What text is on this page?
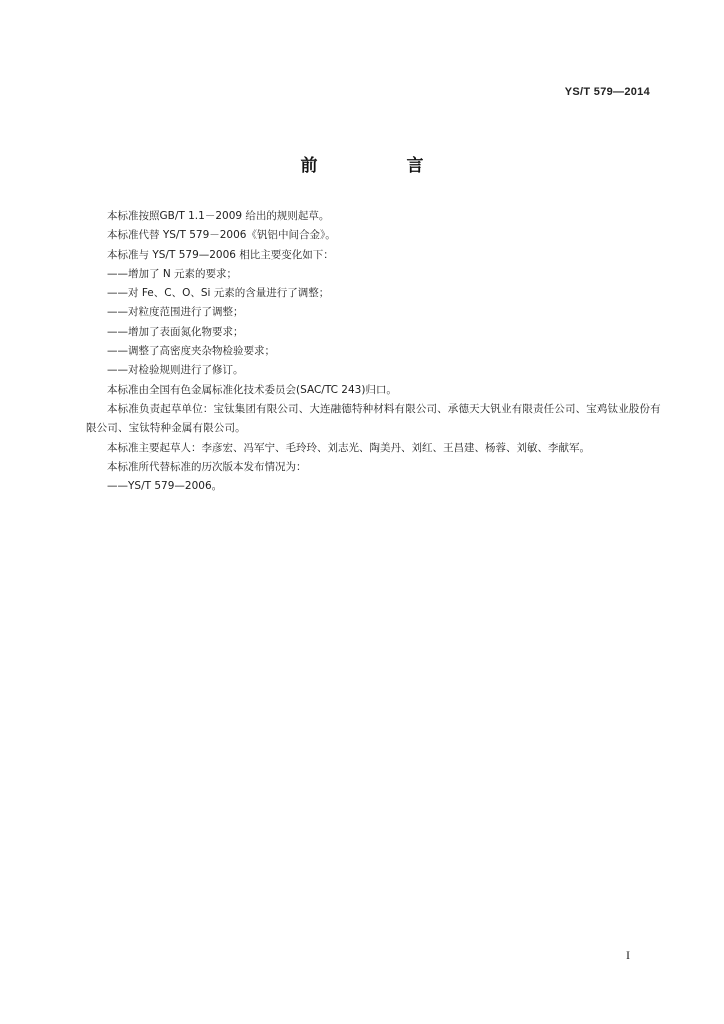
YS/T 579—2014
前　言

本标准按照GB/T 1.1－2009 给出的规则起草。

本标准代替 YS/T 579－2006《钒铝中间合金》。

本标准与 YS/T 579—2006 相比主要变化如下：

——增加了 N 元素的要求；

——对 Fe、C、O、Si 元素的含量进行了调整；

——对粒度范围进行了调整；

——增加了表面氮化物要求；

——调整了高密度夹杂物检验要求；

——对检验规则进行了修订。

本标准由全国有色金属标准化技术委员会(SAC/TC 243)归口。

本标准负责起草单位：宝钛集团有限公司、大连融德特种材料有限公司、承德天大钒业有限责任公司、宝鸡钛业股份有限公司、宝钛特种金属有限公司。

本标准主要起草人：李彦宏、冯军宁、毛玲玲、刘志光、陶美丹、刘红、王昌建、杨蓉、刘敏、李献军。

本标准所代替标准的历次版本发布情况为：

——YS/T 579—2006。

I
